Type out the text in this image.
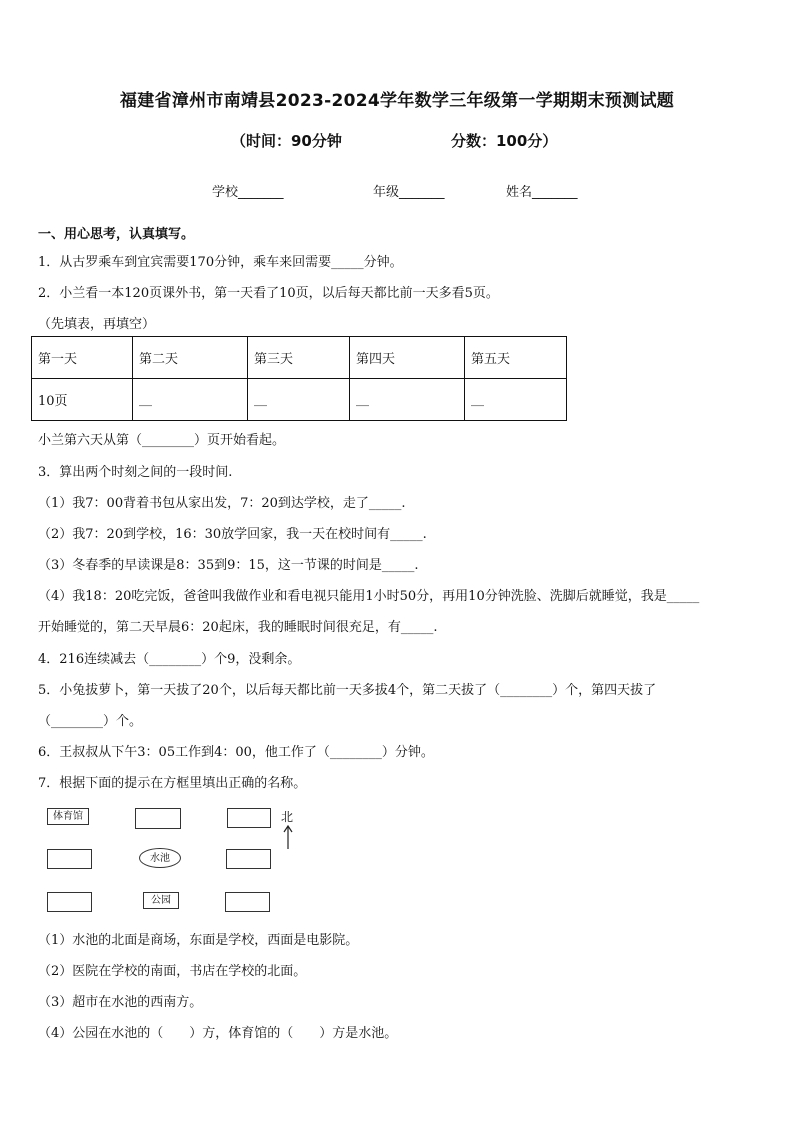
福建省漳州市南靖县2023-2024学年数学三年级第一学期期末预测试题
（时间：90分钟	分数：100分）
学校_______	年级_______	姓名_______
一、用心思考，认真填写。
1．从古罗乘车到宜宾需要170分钟，乘车来回需要_____分钟。
2．小兰看一本120页课外书，第一天看了10页，以后每天都比前一天多看5页。
（先填表，再填空）
第一天	第二天	第三天	第四天	第五天
10页	__	__	__	__
小兰第六天从第（________）页开始看起。
3．算出两个时刻之间的一段时间.
（1）我7：00背着书包从家出发，7：20到达学校，走了_____.
（2）我7：20到学校，16：30放学回家，我一天在校时间有_____.
（3）冬春季的早读课是8：35到9：15，这一节课的时间是_____.
（4）我18：20吃完饭，爸爸叫我做作业和看电视只能用1小时50分，再用10分钟洗脸、洗脚后就睡觉，我是_____
开始睡觉的，第二天早晨6：20起床，我的睡眠时间很充足，有_____.
4．216连续减去（________）个9，没剩余。
5．小兔拔萝卜，第一天拔了20个，以后每天都比前一天多拔4个，第二天拔了（________）个，第四天拔了
（________）个。
6．王叔叔从下午3：05工作到4：00，他工作了（________）分钟。
7．根据下面的提示在方框里填出正确的名称。
体育馆	北
水池
公园
（1）水池的北面是商场，东面是学校，西面是电影院。
（2）医院在学校的南面，书店在学校的北面。
（3）超市在水池的西南方。
（4）公园在水池的（　　）方，体育馆的（　　）方是水池。
